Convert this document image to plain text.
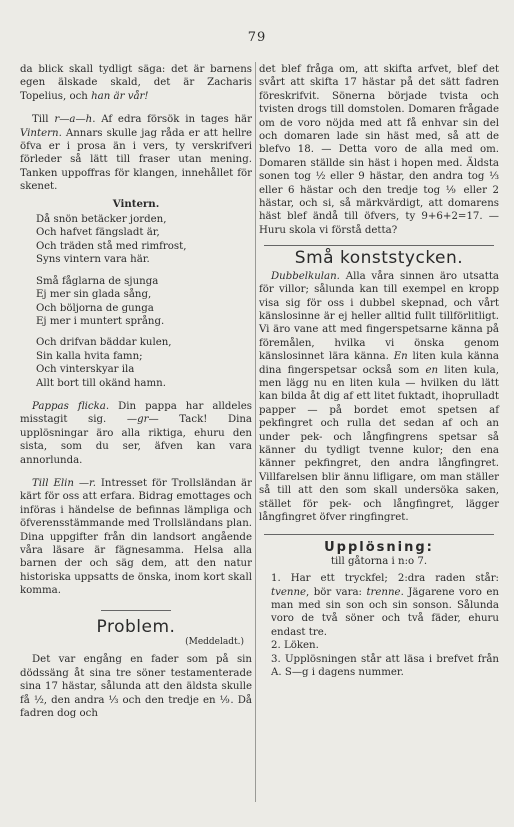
79

da blick skall tydligt säga: det är barnens egen älskade skald, det är Zacharis Topelius, och han är vår!

Till r—a—h. Af edra försök in tages här Vintern. Annars skulle jag råda er att hellre öfva er i prosa än i vers, ty verskrifveri förleder så lätt till fraser utan mening. Tanken uppoffras för klangen, innehållet för skenet.

Vintern.
Då snön betäcker jorden,
Och hafvet fängsladt är,
Och träden stå med rimfrost,
Syns vintern vara här.
Små fåglarna de sjunga
Ej mer sin glada sång,
Och böljorna de gunga
Ej mer i muntert språng.
Och drifvan bäddar kulen,
Sin kalla hvita famn;
Och vinterskyar ila
Allt bort till okänd hamn.

Pappas flicka. Din pappa har alldeles misstagit sig. —gr— Tack! Dina upplösningar äro alla riktiga, ehuru den sista, som du ser, äfven kan vara annorlunda.

Till Elin —r. Intresset för Trollsländan är kärt för oss att erfara. Bidrag emottages och införas i händelse de befinnas lämpliga och öfverensstämmande med Trollsländans plan. Dina uppgifter från din landsort angående våra läsare är fägnesamma. Helsa alla barnen der och säg dem, att den natur historiska uppsatts de önska, inom kort skall komma.

Problem.
(Meddeladt.)

Det var engång en fader som på sin dödssäng åt sina tre söner testamenterade sina 17 hästar, sålunda att den äldsta skulle få ½, den andra ⅓ och den tredje en ⅑. Då fadren dog och

det blef fråga om, att skifta arfvet, blef det svårt att skifta 17 hästar på det sätt fadren föreskrifvit. Sönerna började tvista och tvisten drogs till domstolen. Domaren frågade om de voro nöjda med att få enhvar sin del och domaren lade sin häst med, så att de blefvo 18. — Detta voro de alla med om. Domaren ställde sin häst i hopen med. Äldsta sonen tog ½ eller 9 hästar, den andra tog ⅓ eller 6 hästar och den tredje tog ⅑ eller 2 hästar, och si, så märkvärdigt, att domarens häst blef ändå till öfvers, ty 9+6+2=17. — Huru skola vi förstå detta?

Små konststycken.

Dubbelkulan. Alla våra sinnen äro utsatta för villor; sålunda kan till exempel en kropp visa sig för oss i dubbel skepnad, och vårt känslosinne är ej heller alltid fullt tillförlitligt. Vi äro vane att med fingerspetsarne känna på föremålen, hvilka vi önska genom känslosinnet lära känna. En liten kula känna dina fingerspetsar också som en liten kula, men lägg nu en liten kula — hvilken du lätt kan bilda åt dig af ett litet fuktadt, ihoprulladt papper — på bordet emot spetsen af pekfingret och rulla det sedan af och an under pek- och långfingrens spetsar så känner du tydligt tvenne kulor; den ena känner pekfingret, den andra långfingret. Villfarelsen blir ännu lifligare, om man ställer så till att den som skall undersöka saken, stället för pek- och långfingret, lägger långfingret öfver ringfingret.

Upplösning:
till gåtorna i n:o 7.

1. Har ett tryckfel; 2:dra raden står: tvenne, bör vara: trenne. Jägarene voro en man med sin son och sin sonson. Sålunda voro de två söner och två fäder, ehuru endast tre.

2. Löken.

3. Upplösningen står att läsa i brefvet från A. S—g i dagens nummer.
